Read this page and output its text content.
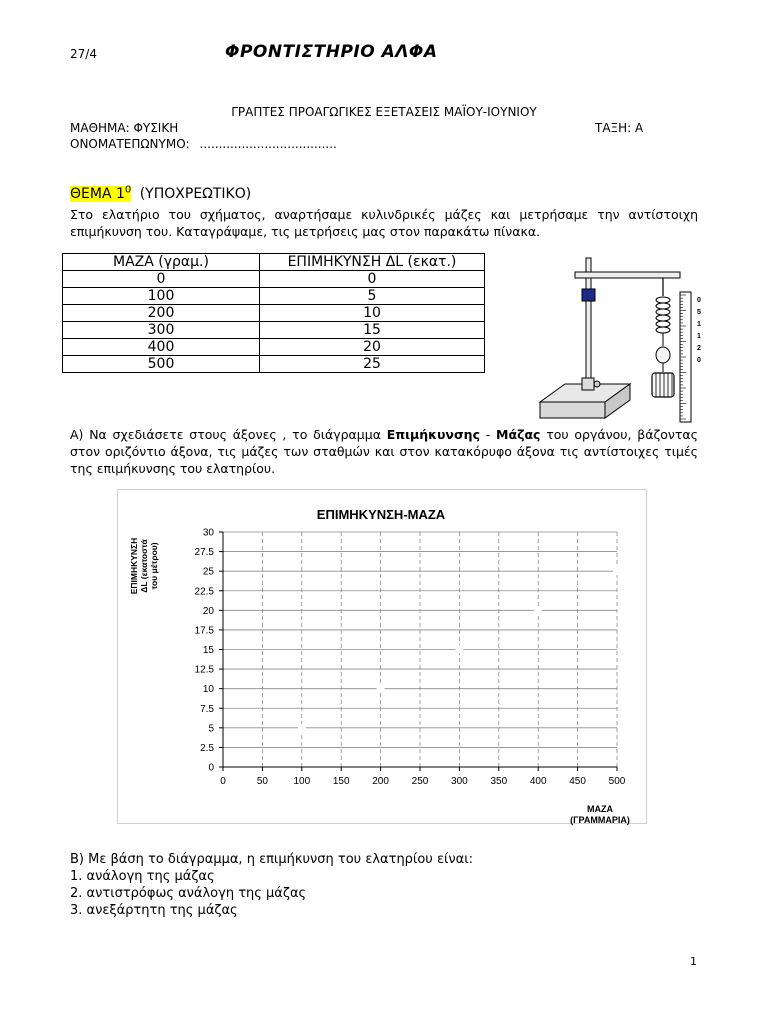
27/4	ΦΡΟΝΤΙΣΤΗΡΙΟ ΑΛΦΑ
ΓΡΑΠΤΕΣ ΠΡΟΑΓΩΓΙΚΕΣ ΕΞΕΤΑΣΕΙΣ ΜΑΪΟΥ-ΙΟΥΝΙΟΥ
ΜΑΘΗΜΑ: ΦΥΣΙΚΗ	ΤΑΞΗ: Α
ΟΝΟΜΑΤΕΠΩΝΥΜΟ: ....................................
ΘΕΜΑ $1^0$ (ΥΠΟΧΡΕΩΤΙΚΟ)
Στο ελατήριο του σχήματος, αναρτήσαμε κυλινδρικές μάζες και μετρήσαμε την αντίστοιχη επιμήκυνση του. Καταγράψαμε, τις μετρήσεις μας στον παρακάτω πίνακα.
ΜΑΖΑ (γραμ.)	ΕΠΙΜΗΚΥΝΣΗ ΔL (εκατ.)
0	0
100	5
200	10
300	15
400	20
500	25
0
5
1
1
2
0
Α) Να σχεδιάσετε στους άξονες , το διάγραμμα Επιμήκυνσης - Μάζας του οργάνου, βάζοντας στον οριζόντιο άξονα, τις μάζες των σταθμών και στον κατακόρυφο άξονα τις αντίστοιχες τιμές της επιμήκυνσης του ελατηρίου.
ΕΠΙΜΗΚΥΝΣΗ-ΜΑΖΑ
ΕΠΙΜΗΚΥΝΣΗ ΔL (εκατοστά του μέτρου)
0	50	100 150 200 250 300 350 400 450 500
0
2.5
5
7.5
10
12.5
15
17.5
20
22.5
25
27.5
30
ΜΑΖΑ
(ΓΡΑΜΜΑΡΙΑ)
Β) Με βάση το διάγραμμα, η επιμήκυνση του ελατηρίου είναι:
1. ανάλογη της μάζας
2. αντιστρόφως ανάλογη της μάζας
3. ανεξάρτητη της μάζας
1
